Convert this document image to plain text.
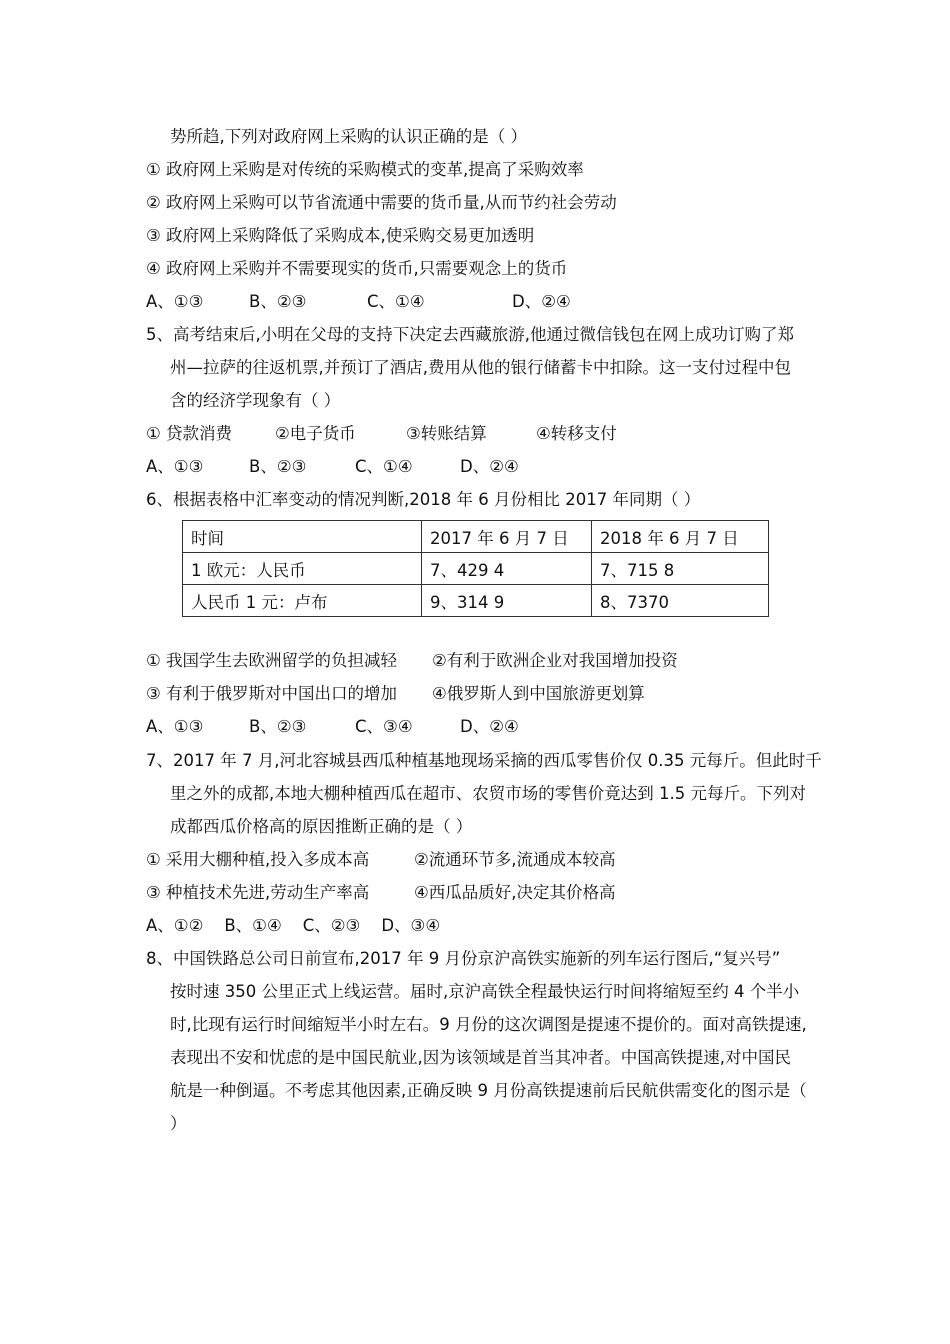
势所趋,下列对政府网上采购的认识正确的是（ ）
① 政府网上采购是对传统的采购模式的变革,提高了采购效率
② 政府网上采购可以节省流通中需要的货币量,从而节约社会劳动
③ 政府网上采购降低了采购成本,使采购交易更加透明
④ 政府网上采购并不需要现实的货币,只需要观念上的货币
A、①③	B、②③	C、①④	D、②④
5、高考结束后,小明在父母的支持下决定去西藏旅游,他通过微信钱包在网上成功订购了郑
州—拉萨的往返机票,并预订了酒店,费用从他的银行储蓄卡中扣除。这一支付过程中包
含的经济学现象有（ ）
① 贷款消费	②电子货币	③转账结算	④转移支付
A、①③	B、②③	C、①④	D、②④
6、根据表格中汇率变动的情况判断,2018 年 6 月份相比 2017 年同期（ ）
时间	2017 年 6 月 7 日	2018 年 6 月 7 日
1 欧元：人民币	7、429 4	7、715 8
人民币 1 元：卢布	9、314 9	8、7370
① 我国学生去欧洲留学的负担减轻 ②有利于欧洲企业对我国增加投资
③ 有利于俄罗斯对中国出口的增加 ④俄罗斯人到中国旅游更划算
A、①③	B、②③	C、③④	D、②④
7、2017 年 7 月,河北容城县西瓜种植基地现场采摘的西瓜零售价仅 0.35 元每斤。但此时千
里之外的成都,本地大棚种植西瓜在超市、农贸市场的零售价竟达到 1.5 元每斤。下列对
成都西瓜价格高的原因推断正确的是（ ）
① 采用大棚种植,投入多成本高	②流通环节多,流通成本较高
③ 种植技术先进,劳动生产率高	④西瓜品质好,决定其价格高
A、①②    B、①④    C、②③    D、③④
8、中国铁路总公司日前宣布,2017 年 9 月份京沪高铁实施新的列车运行图后,“复兴号”
按时速 350 公里正式上线运营。届时,京沪高铁全程最快运行时间将缩短至约 4 个半小
时,比现有运行时间缩短半小时左右。9 月份的这次调图是提速不提价的。面对高铁提速,
表现出不安和忧虑的是中国民航业,因为该领域是首当其冲者。中国高铁提速,对中国民
航是一种倒逼。不考虑其他因素,正确反映 9 月份高铁提速前后民航供需变化的图示是（
）
